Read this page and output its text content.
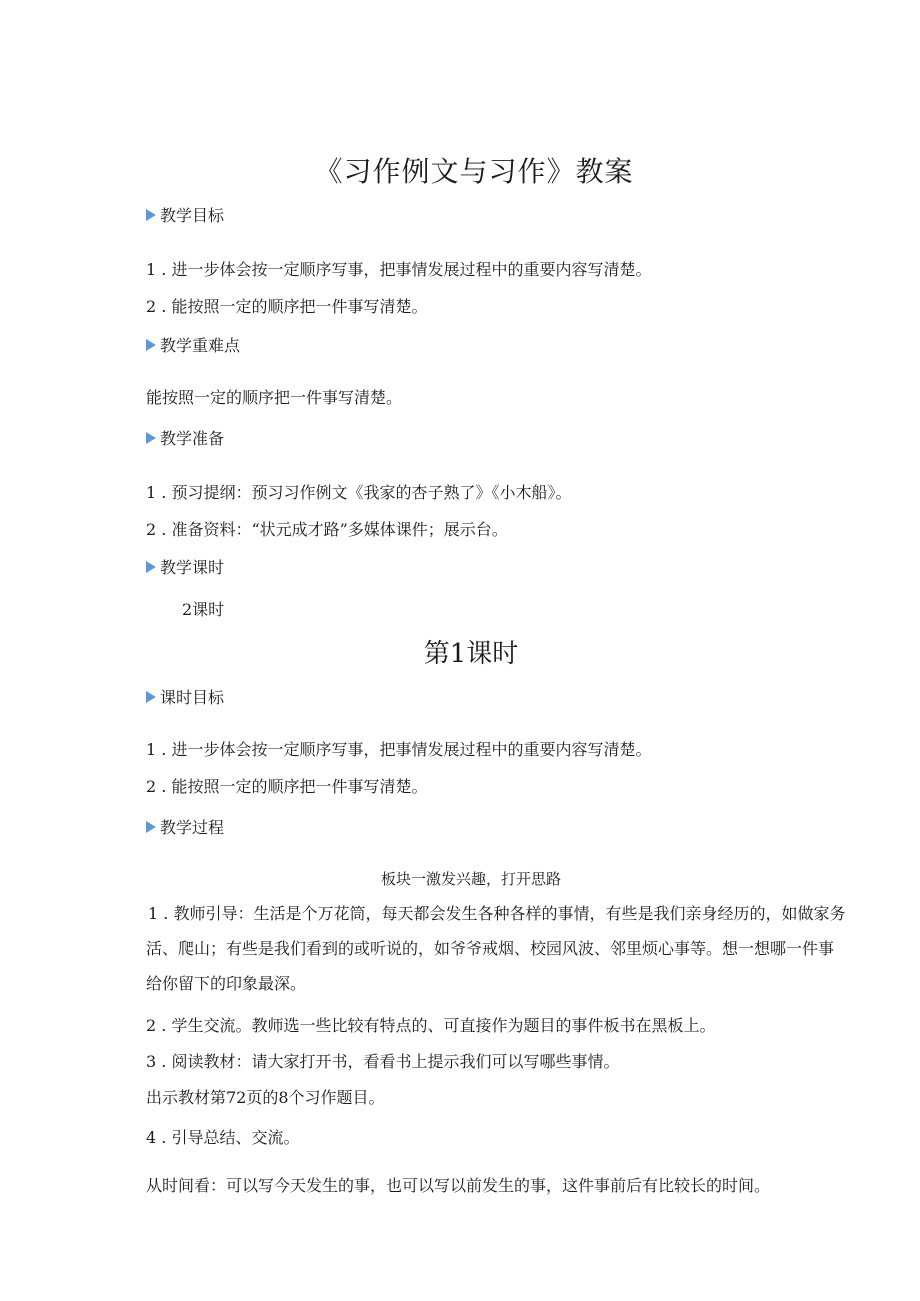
《习作例文与习作》教案
教学目标
1 . 进一步体会按一定顺序写事，把事情发展过程中的重要内容写清楚。
2 . 能按照一定的顺序把一件事写清楚。
教学重难点
能按照一定的顺序把一件事写清楚。
教学准备
1 . 预习提纲：预习习作例文《我家的杏子熟了》《小木船》。
2 . 准备资料：“状元成才路”多媒体课件；展示台。
教学课时
2课时
第1课时
课时目标
1 . 进一步体会按一定顺序写事，把事情发展过程中的重要内容写清楚。
2 . 能按照一定的顺序把一件事写清楚。
教学过程
板块一激发兴趣，打开思路
1 . 教师引导：生活是个万花筒，每天都会发生各种各样的事情，有些是我们亲身经历的，如做家务活、爬山；有些是我们看到的或听说的，如爷爷戒烟、校园风波、邻里烦心事等。想一想哪一件事给你留下的印象最深。
2 . 学生交流。教师选一些比较有特点的、可直接作为题目的事件板书在黑板上。
3 . 阅读教材：请大家打开书，看看书上提示我们可以写哪些事情。
出示教材第72页的8个习作题目。
4 . 引导总结、交流。
从时间看：可以写今天发生的事，也可以写以前发生的事，这件事前后有比较长的时间。
